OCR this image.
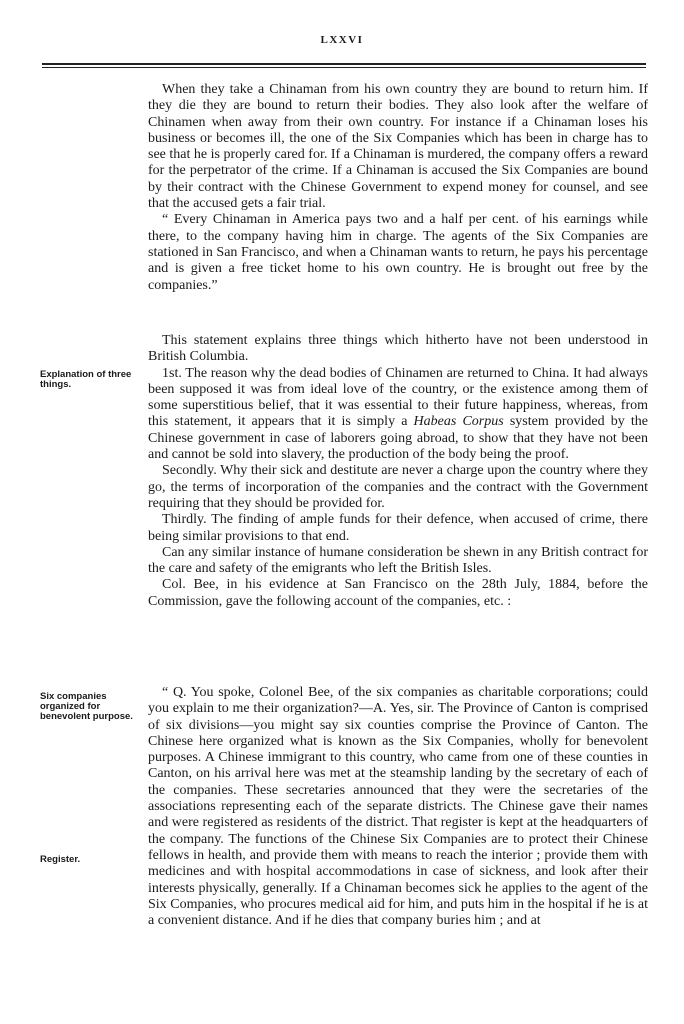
LXXVI

When they take a Chinaman from his own country they are bound to return him. If they die they are bound to return their bodies. They also look after the welfare of Chinamen when away from their own country. For instance if a Chinaman loses his business or becomes ill, the one of the Six Companies which has been in charge has to see that he is properly cared for. If a Chinaman is murdered, the company offers a reward for the perpetrator of the crime. If a Chinaman is accused the Six Companies are bound by their contract with the Chinese Government to expend money for counsel, and see that the accused gets a fair trial.

“ Every Chinaman in America pays two and a half per cent. of his earnings while there, to the company having him in charge. The agents of the Six Companies are stationed in San Francisco, and when a Chinaman wants to return, he pays his percentage and is given a free ticket home to his own country. He is brought out free by the companies.”

This statement explains three things which hitherto have not been understood in British Columbia.

1st. The reason why the dead bodies of Chinamen are returned to China. It had always been supposed it was from ideal love of the country, or the existence among them of some superstitious belief, that it was essential to their future happiness, whereas, from this statement, it appears that it is simply a Habeas Corpus system provided by the Chinese government in case of laborers going abroad, to show that they have not been and cannot be sold into slavery, the production of the body being the proof.

Secondly. Why their sick and destitute are never a charge upon the country where they go, the terms of incorporation of the companies and the contract with the Government requiring that they should be provided for.

Thirdly. The finding of ample funds for their defence, when accused of crime, there being similar provisions to that end.

Can any similar instance of humane consideration be shewn in any British contract for the care and safety of the emigrants who left the British Isles.

Col. Bee, in his evidence at San Francisco on the 28th July, 1884, before the Commission, gave the following account of the companies, etc. :

“ Q. You spoke, Colonel Bee, of the six companies as charitable corporations; could you explain to me their organization?—A. Yes, sir. The Province of Canton is comprised of six divisions—you might say six counties comprise the Province of Canton. The Chinese here organized what is known as the Six Companies, wholly for benevolent purposes. A Chinese immigrant to this country, who came from one of these counties in Canton, on his arrival here was met at the steamship landing by the secretary of each of the companies. These secretaries announced that they were the secretaries of the associations representing each of the separate districts. The Chinese gave their names and were registered as residents of the district. That register is kept at the headquarters of the company. The functions of the Chinese Six Companies are to protect their Chinese fellows in health, and provide them with means to reach the interior ; provide them with medicines and with hospital accommodations in case of sickness, and look after their interests physically, generally. If a Chinaman becomes sick he applies to the agent of the Six Companies, who procures medical aid for him, and puts him in the hospital if he is at a convenient distance. And if he dies that company buries him ; and at

Explanation of three things.
Six companies organized for benevolent purpose.
Register.
